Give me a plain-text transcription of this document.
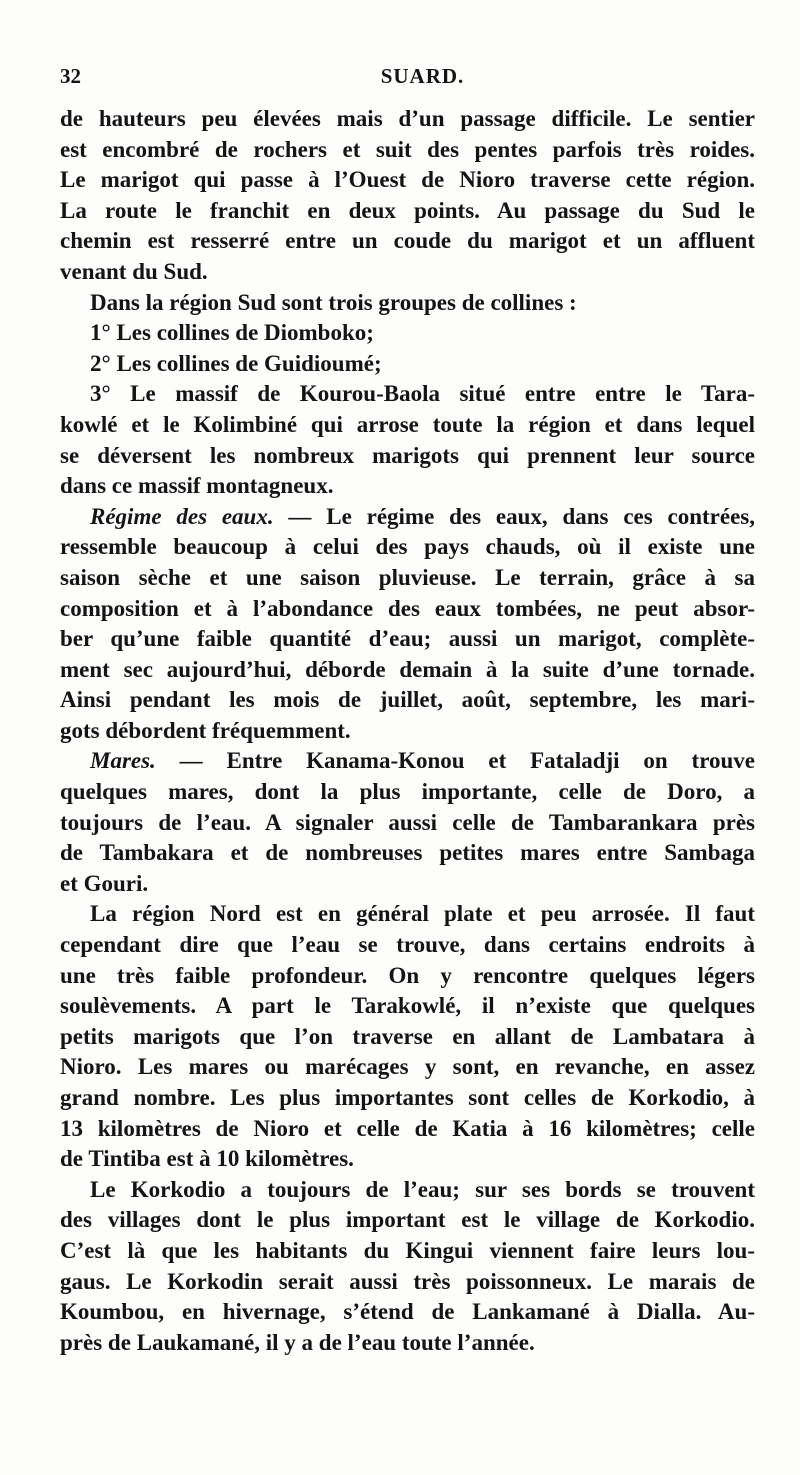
32	SUARD.
de hauteurs peu élevées mais d’un passage difficile. Le sentier
est encombré de rochers et suit des pentes parfois très roides.
Le marigot qui passe à l’Ouest de Nioro traverse cette région.
La route le franchit en deux points. Au passage du Sud le
chemin est resserré entre un coude du marigot et un affluent
venant du Sud.
Dans la région Sud sont trois groupes de collines :
1° Les collines de Diomboko;
2° Les collines de Guidioumé;
3° Le massif de Kourou-Baola situé entre entre le Tara-
kowlé et le Kolimbiné qui arrose toute la région et dans lequel
se déversent les nombreux marigots qui prennent leur source
dans ce massif montagneux.
Régime des eaux. — Le régime des eaux, dans ces contrées,
ressemble beaucoup à celui des pays chauds, où il existe une
saison sèche et une saison pluvieuse. Le terrain, grâce à sa
composition et à l’abondance des eaux tombées, ne peut absor-
ber qu’une faible quantité d’eau; aussi un marigot, complète-
ment sec aujourd’hui, déborde demain à la suite d’une tornade.
Ainsi pendant les mois de juillet, août, septembre, les mari-
gots débordent fréquemment.
Mares. — Entre Kanama-Konou et Fataladji on trouve
quelques mares, dont la plus importante, celle de Doro, a
toujours de l’eau. A signaler aussi celle de Tambarankara près
de Tambakara et de nombreuses petites mares entre Sambaga
et Gouri.
La région Nord est en général plate et peu arrosée. Il faut
cependant dire que l’eau se trouve, dans certains endroits à
une très faible profondeur. On y rencontre quelques légers
soulèvements. A part le Tarakowlé, il n’existe que quelques
petits marigots que l’on traverse en allant de Lambatara à
Nioro. Les mares ou marécages y sont, en revanche, en assez
grand nombre. Les plus importantes sont celles de Korkodio, à
13 kilomètres de Nioro et celle de Katia à 16 kilomètres; celle
de Tintiba est à 10 kilomètres.
Le Korkodio a toujours de l’eau; sur ses bords se trouvent
des villages dont le plus important est le village de Korkodio.
C’est là que les habitants du Kingui viennent faire leurs lou-
gaus. Le Korkodin serait aussi très poissonneux. Le marais de
Koumbou, en hivernage, s’étend de Lankamané à Dialla. Au-
près de Laukamané, il y a de l’eau toute l’année.
